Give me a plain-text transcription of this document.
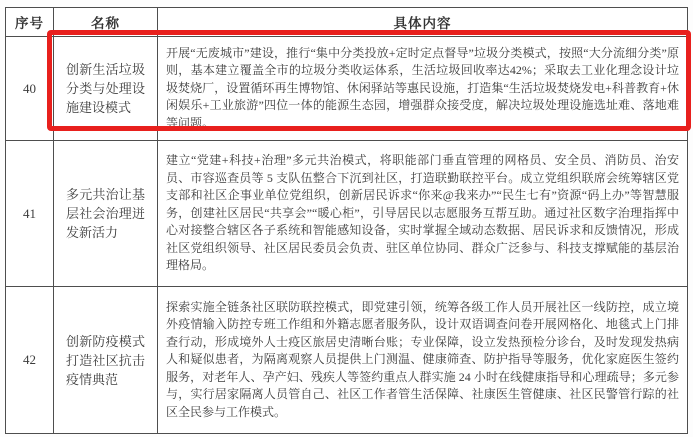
序号	名称	具体内容
40	创新生活垃圾分类与处理设施建设模式	开展“无废城市”建设，推行“集中分类投放+定时定点督导”垃圾分类模式，按照“大分流细分类”原则，基本建立覆盖全市的垃圾分类收运体系，生活垃圾回收率达42%；采取去工业化理念设计垃圾焚烧厂，设置循环再生博物馆、休闲驿站等惠民设施，打造集“生活垃圾焚烧发电+科普教育+休闲娱乐+工业旅游”四位一体的能源生态园，增强群众接受度，解决垃圾处理设施选址难、落地难等问题。
41	多元共治让基层社会治理迸发新活力	建立“党建+科技+治理”多元共治模式，将职能部门垂直管理的网格员、安全员、消防员、治安员、市容巡查员等 5 支队伍整合下沉到社区，打造联勤联控平台。成立党组织联席会统筹辖区党支部和社区企事业单位党组织，创新居民诉求“你来@我来办”“民生七有”资源“码上办”等智慧服务，创建社区居民“共享会”“暖心柜”，引导居民以志愿服务互帮互助。通过社区数字治理指挥中心对接整合辖区各子系统和智能感知设备，实时掌握全域动态数据、居民诉求和反馈情况，形成社区党组织领导、社区居民委员会负责、驻区单位协同、群众广泛参与、科技支撑赋能的基层治理格局。
42	创新防疫模式打造社区抗击疫情典范	探索实施全链条社区联防联控模式，即党建引领，统筹各级工作人员开展社区一线防控，成立境外疫情输入防控专班工作组和外籍志愿者服务队，设计双语调查问卷开展网格化、地毯式上门排查行动，形成境外人士疫区旅居史清晰台账；专业保障，设立发热预检分诊台，及时发现发热病人和疑似患者，为隔离观察人员提供上门测温、健康筛查、防护指导等服务，优化家庭医生签约服务，对老年人、孕产妇、残疾人等签约重点人群实施 24 小时在线健康指导和心理疏导；多元参与，实行居家隔离人员管自己、社区工作者管生活保障、社康医生管健康、社区民警管行踪的社区全民参与工作模式。
